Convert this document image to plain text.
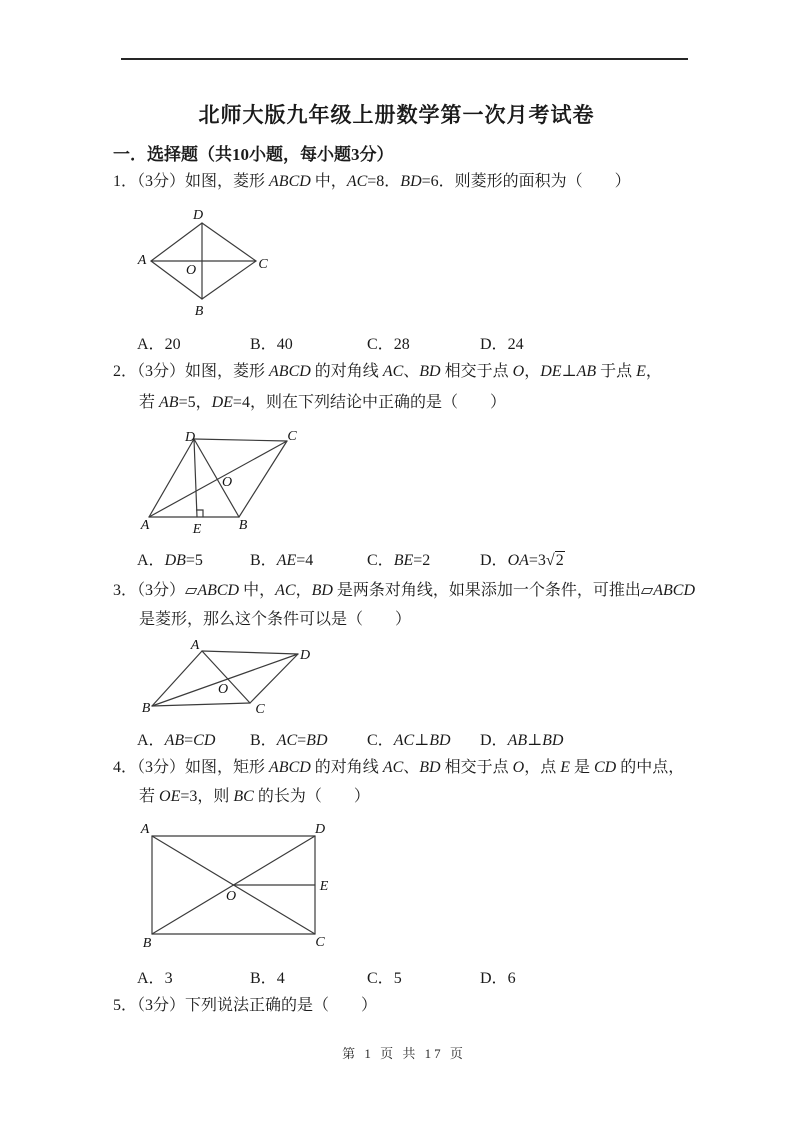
北师大版九年级上册数学第一次月考试卷
一．选择题（共10小题，每小题3分）
1．（3分）如图，菱形 ABCD 中，AC=8．BD=6．则菱形的面积为（　　）
D
A	C
B
O
A．20	B．40	C．28	D．24
2．（3分）如图，菱形 ABCD 的对角线 AC、BD 相交于点 O，DE⊥AB 于点 E，
若 AB=5，DE=4，则在下列结论中正确的是（　　）
D	C
A	B
E
O
A．DB=5	B．AE=4	C．BE=2	D．OA=3√2
3．（3分）▱ABCD 中，AC，BD 是两条对角线，如果添加一个条件，可推出▱ABCD
是菱形，那么这个条件可以是（　　）
A
D
B	C
O
A．AB=CD B．AC=BD C．AC⊥BD D．AB⊥BD
4．（3分）如图，矩形 ABCD 的对角线 AC、BD 相交于点 O，点 E 是 CD 的中点，
若 OE=3，则 BC 的长为（　　）
A	D
B	C
E
O
A．3	B．4	C．5	D．6
5．（3分）下列说法正确的是（　　）
第 1 页 共 17 页
